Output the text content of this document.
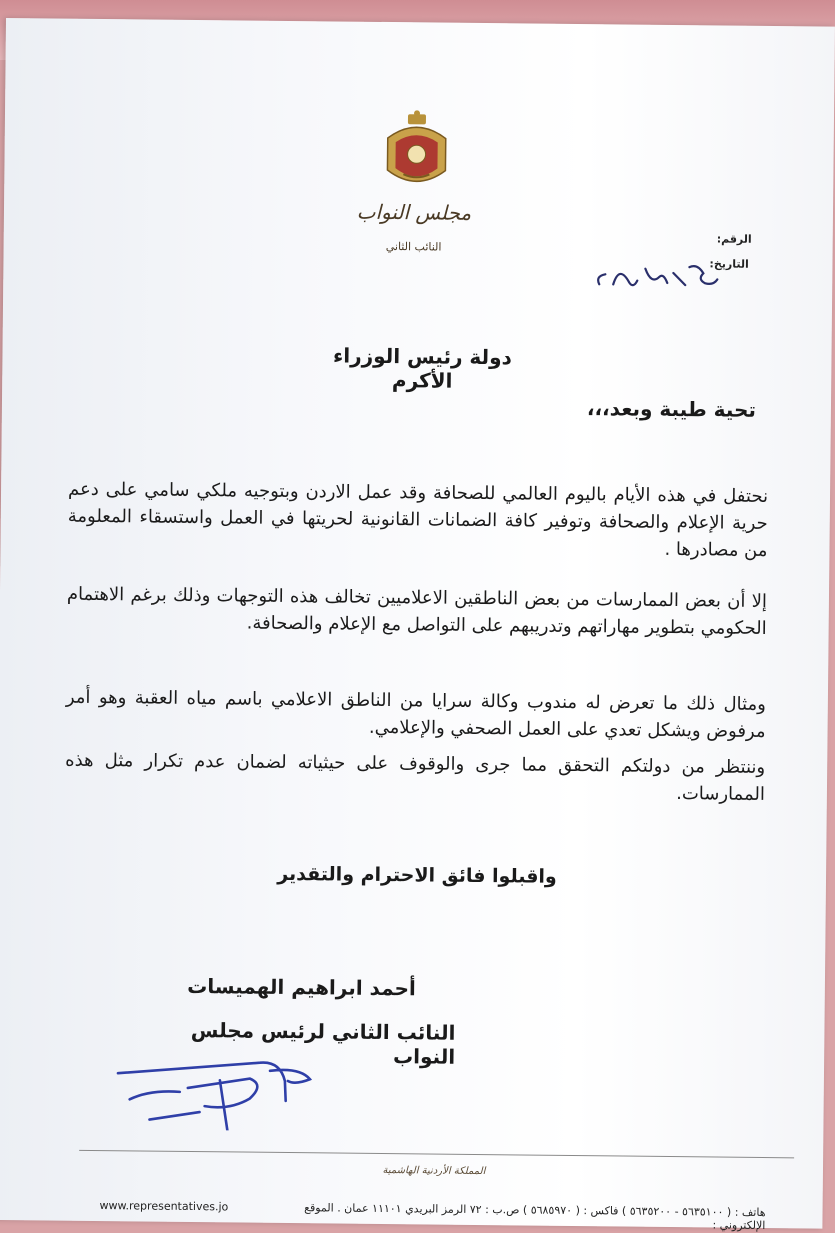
مجلس النواب
النائب الثاني
الرقم:
التاريخ:
دولة رئيس الوزراء الأكرم
تحية طيبة وبعد،،،
نحتفل في هذه الأيام باليوم العالمي للصحافة وقد عمل الاردن وبتوجيه ملكي سامي على دعم حرية الإعلام والصحافة وتوفير كافة الضمانات القانونية لحريتها في العمل واستسقاء المعلومة من مصادرها .
إلا أن بعض الممارسات من بعض الناطقين الاعلاميين تخالف هذه التوجهات وذلك برغم الاهتمام الحكومي بتطوير مهاراتهم وتدريبهم على التواصل مع الإعلام والصحافة.
ومثال ذلك ما تعرض له مندوب وكالة سرايا من الناطق الاعلامي باسم مياه العقبة وهو أمر مرفوض ويشكل تعدي على العمل الصحفي والإعلامي.
وننتظر من دولتكم التحقق مما جرى والوقوف على حيثياته لضمان عدم تكرار مثل هذه الممارسات.
واقبلوا فائق الاحترام والتقدير
أحمد ابراهيم الهميسات
النائب الثاني لرئيس مجلس النواب
المملكة الأردنية الهاشمية
هاتف : ( ٥٦٣٥١٠٠ - ٥٦٣٥٢٠٠ ) فاكس : ( ٥٦٨٥٩٧٠ ) ص.ب : ٧٢ الرمز البريدي ١١١٠١ عمان . الموقع الإلكتروني :
www.representatives.jo
